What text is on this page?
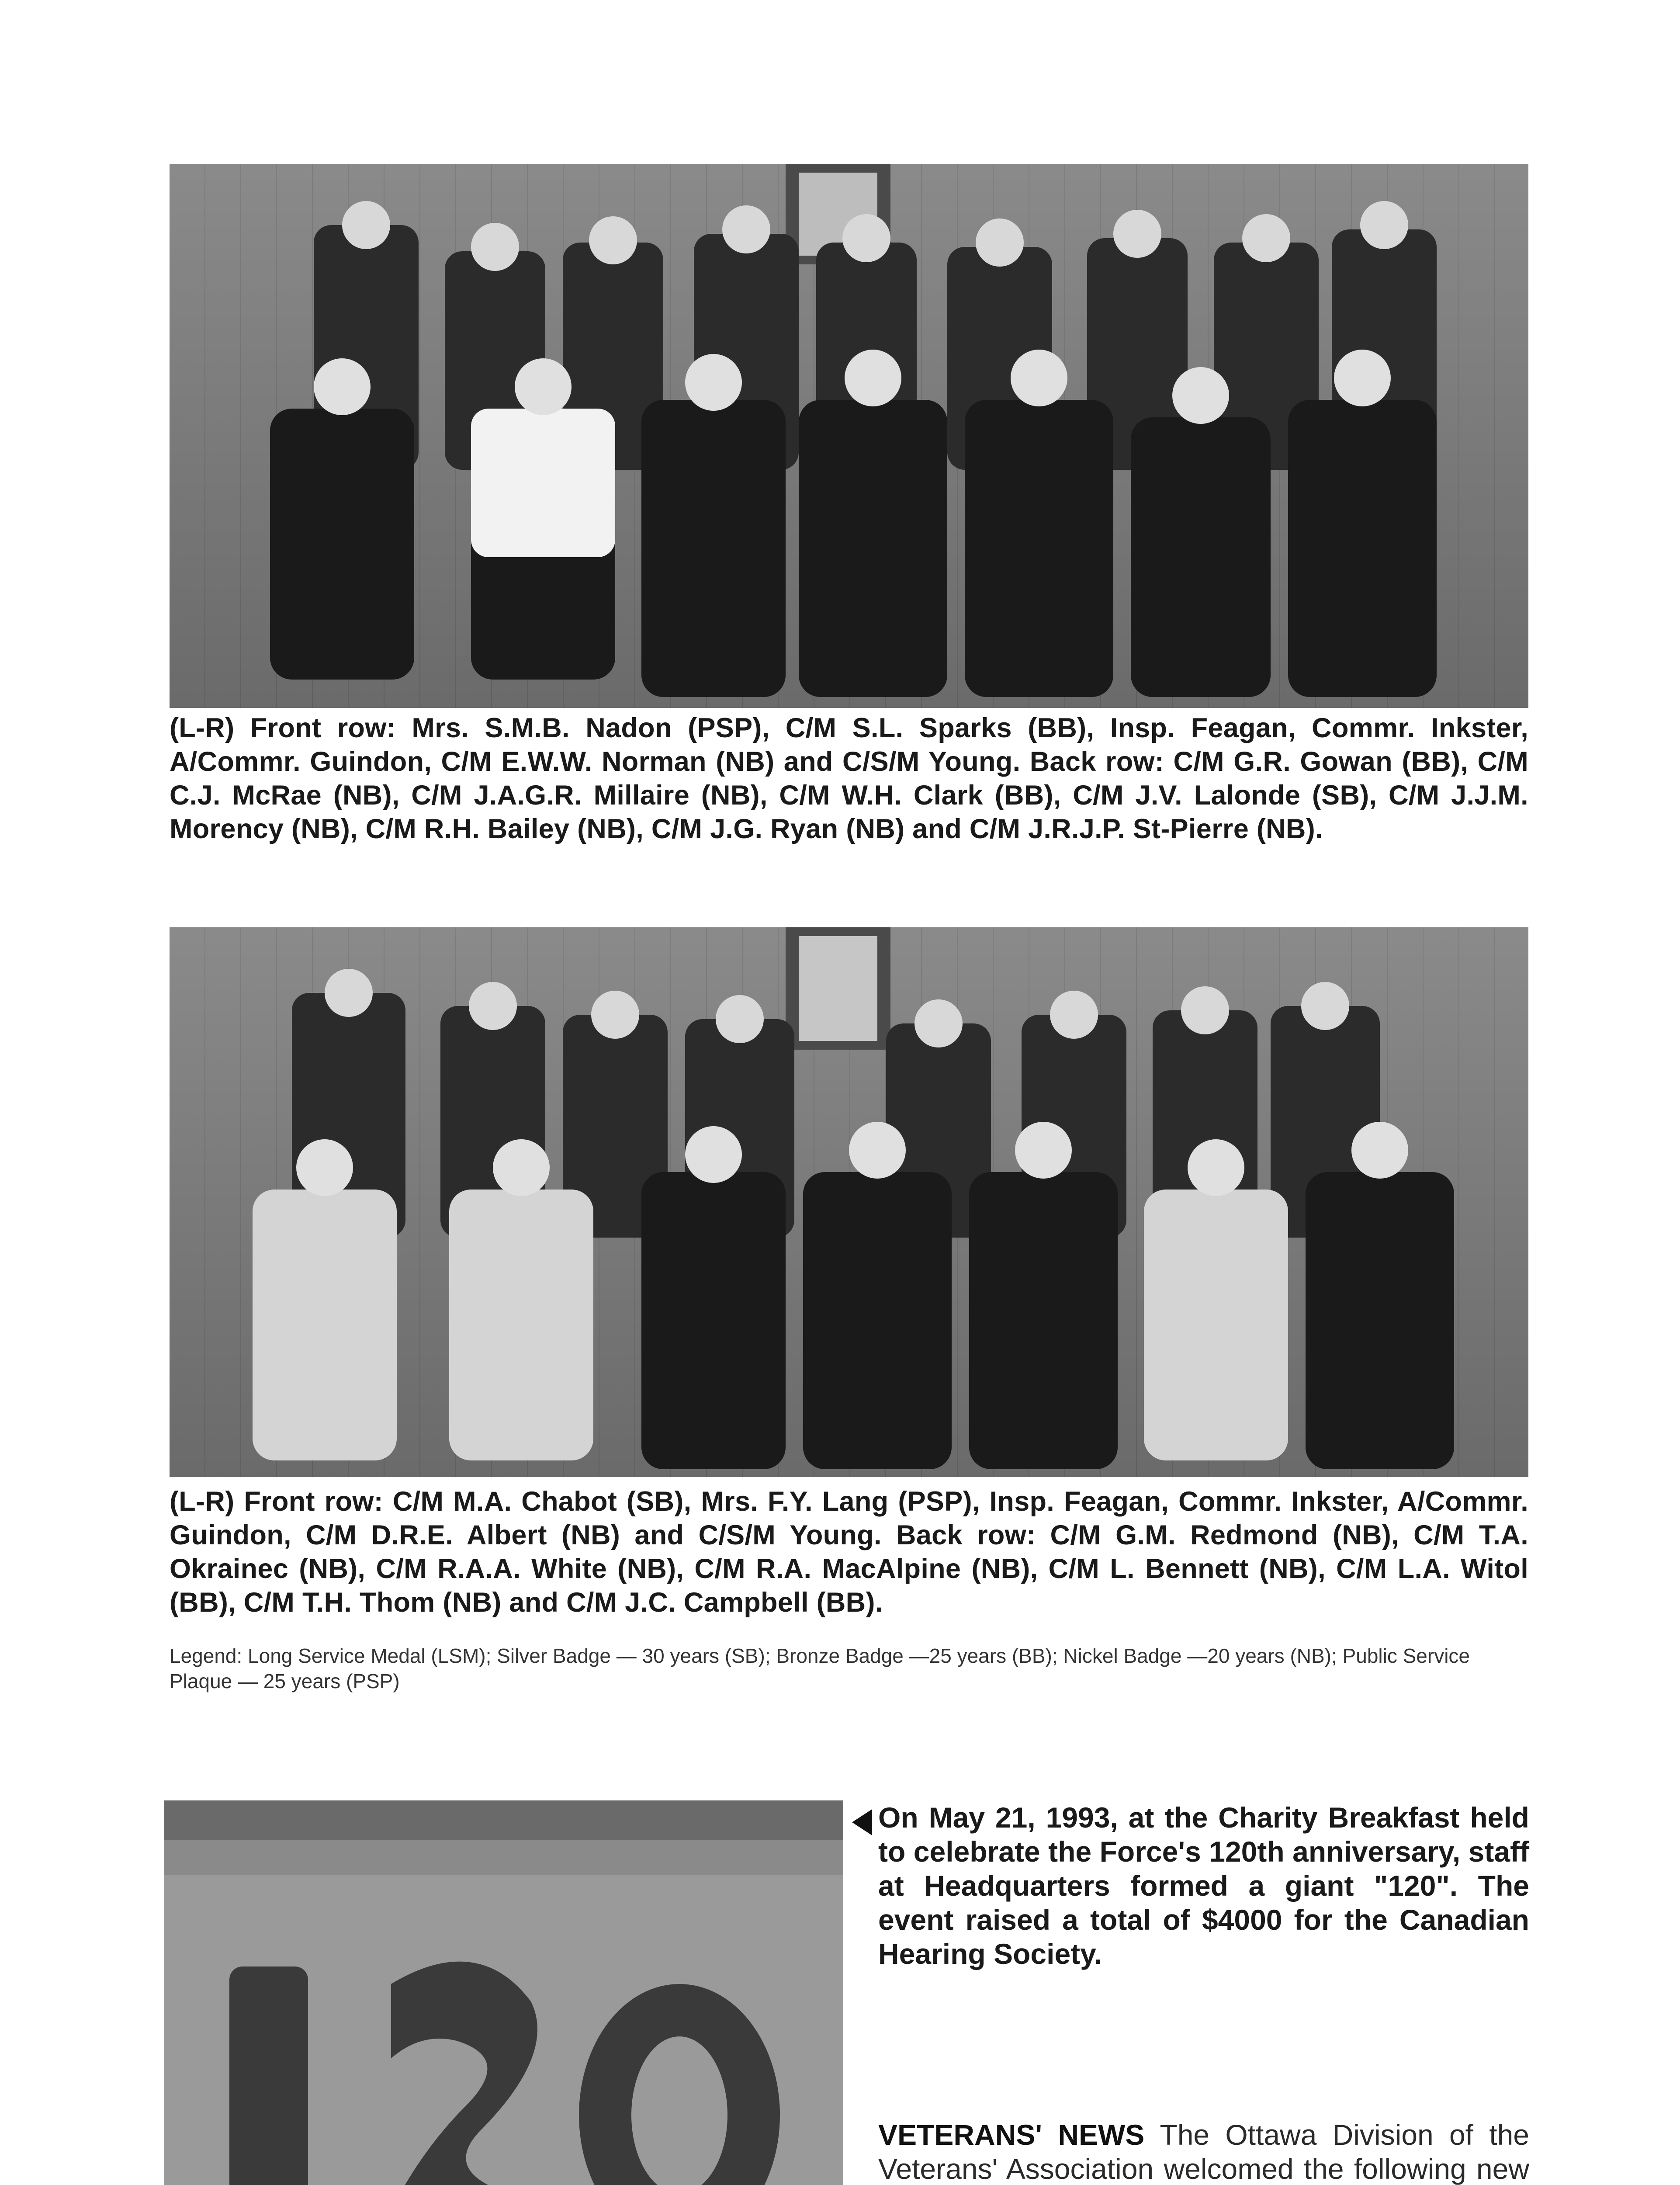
(L-R) Front row: Mrs. S.M.B. Nadon (PSP), C/M S.L. Sparks (BB), Insp. Feagan, Commr. Inkster, A/Commr. Guindon, C/M E.W.W. Norman (NB) and C/S/M Young. Back row: C/M G.R. Gowan (BB), C/M C.J. McRae (NB), C/M J.A.G.R. Millaire (NB), C/M W.H. Clark (BB), C/M J.V. Lalonde (SB), C/M J.J.M. Morency (NB), C/M R.H. Bailey (NB), C/M J.G. Ryan (NB) and C/M J.R.J.P. St-Pierre (NB).
(L-R) Front row: C/M M.A. Chabot (SB), Mrs. F.Y. Lang (PSP), Insp. Feagan, Commr. Inkster, A/Commr. Guindon, C/M D.R.E. Albert (NB) and C/S/M Young. Back row: C/M G.M. Redmond (NB), C/M T.A. Okrainec (NB), C/M R.A.A. White (NB), C/M R.A. MacAlpine (NB), C/M L. Bennett (NB), C/M L.A. Witol (BB), C/M T.H. Thom (NB) and C/M J.C. Campbell (BB).
Legend: Long Service Medal (LSM); Silver Badge — 30 years (SB); Bronze Badge —25 years (BB); Nickel Badge —20 years (NB); Public Service Plaque — 25 years (PSP)
On May 21, 1993, at the Charity Breakfast held to celebrate the Force's 120th anniversary, staff at Headquarters formed a giant "120". The event raised a total of $4000 for the Canadian Hearing Society.
VETERANS' NEWS The Ottawa Division of the Veterans' Association welcomed the following new
